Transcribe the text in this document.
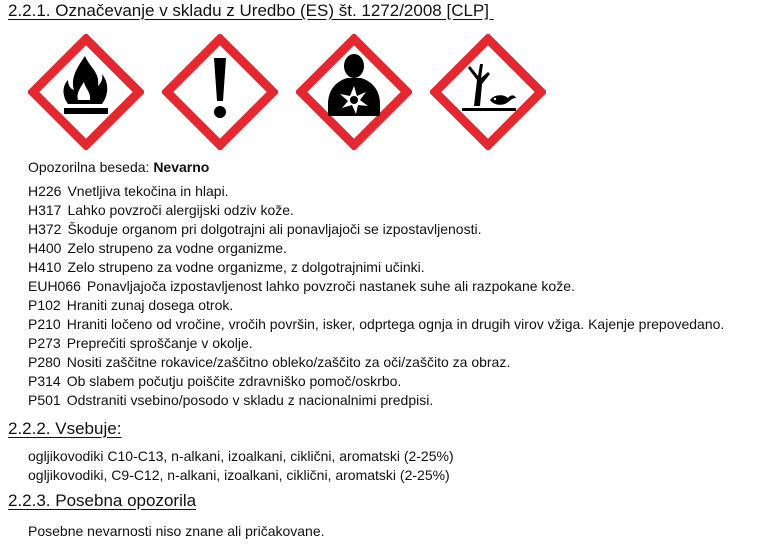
2.2.1. Označevanje v skladu z Uredbo (ES) št. 1272/2008 [CLP]
Opozorilna beseda: Nevarno
H226 Vnetljiva tekočina in hlapi.
H317 Lahko povzroči alergijski odziv kože.
H372 Škoduje organom pri dolgotrajni ali ponavljajoči se izpostavljenosti.
H400 Zelo strupeno za vodne organizme.
H410 Zelo strupeno za vodne organizme, z dolgotrajnimi učinki.
EUH066 Ponavljajoča izpostavljenost lahko povzroči nastanek suhe ali razpokane kože.
P102 Hraniti zunaj dosega otrok.
P210 Hraniti ločeno od vročine, vročih površin, isker, odprtega ognja in drugih virov vžiga. Kajenje prepovedano.
P273 Preprečiti sproščanje v okolje.
P280 Nositi zaščitne rokavice/zaščitno obleko/zaščito za oči/zaščito za obraz.
P314 Ob slabem počutju poiščite zdravniško pomoč/oskrbo.
P501 Odstraniti vsebino/posodo v skladu z nacionalnimi predpisi.
2.2.2. Vsebuje:
ogljikovodiki C10-C13, n-alkani, izoalkani, ciklični, aromatski (2-25%)
ogljikovodiki, C9-C12, n-alkani, izoalkani, ciklični, aromatski (2-25%)
2.2.3. Posebna opozorila
Posebne nevarnosti niso znane ali pričakovane.
